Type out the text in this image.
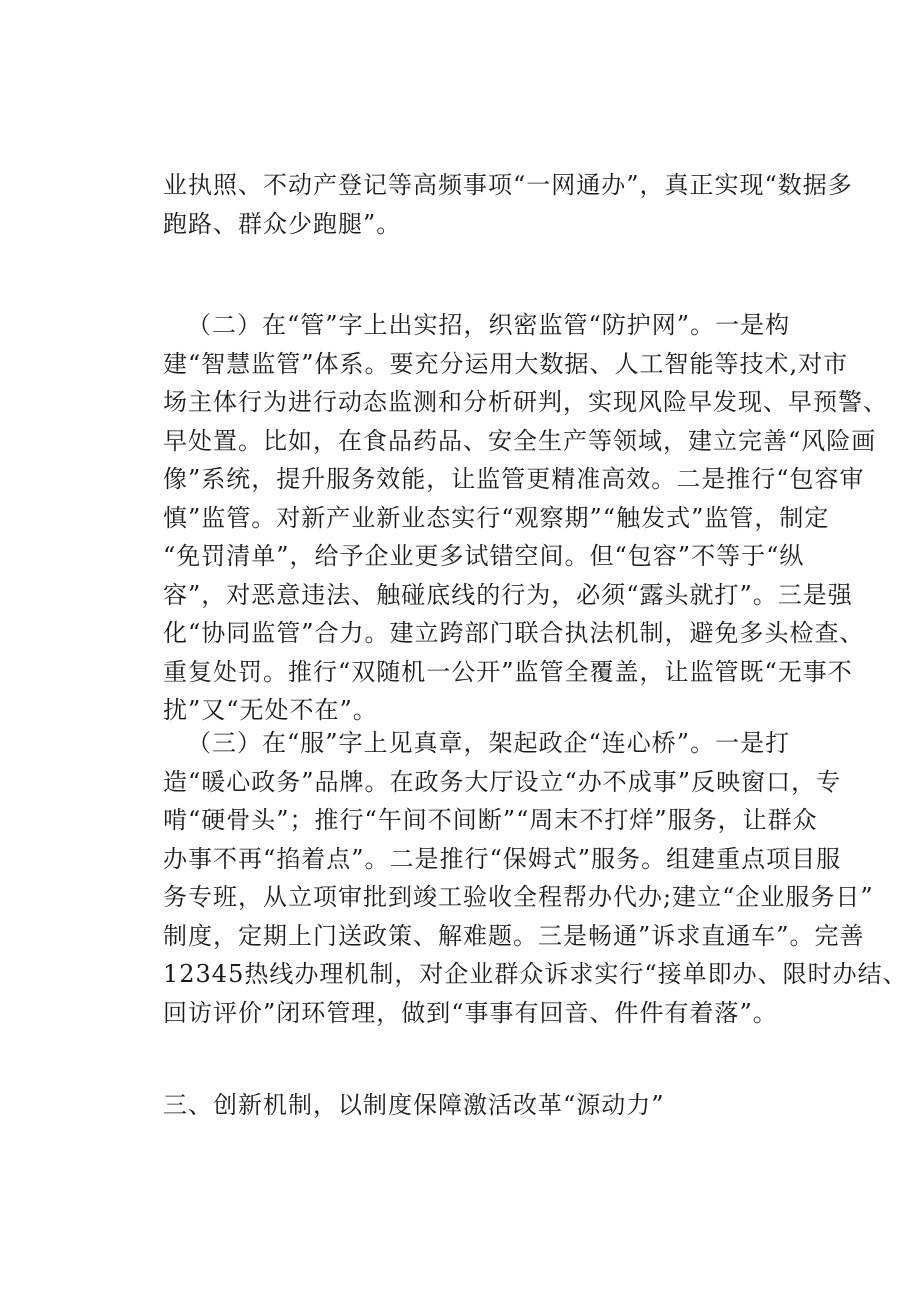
业执照、不动产登记等高频事项“一网通办”，真正实现“数据多
跑路、群众少跑腿”。
（二）在“管”字上出实招，织密监管“防护网”。一是构
建“智慧监管”体系。要充分运用大数据、人工智能等技术,对市
场主体行为进行动态监测和分析研判，实现风险早发现、早预警、
早处置。比如，在食品药品、安全生产等领域，建立完善“风险画
像”系统，提升服务效能，让监管更精准高效。二是推行“包容审
慎”监管。对新产业新业态实行“观察期”“触发式”监管，制定
“免罚清单”，给予企业更多试错空间。但“包容”不等于“纵
容”，对恶意违法、触碰底线的行为，必须“露头就打”。三是强
化“协同监管”合力。建立跨部门联合执法机制，避免多头检查、
重复处罚。推行“双随机一公开”监管全覆盖，让监管既“无事不
扰”又“无处不在”。
（三）在“服”字上见真章，架起政企“连心桥”。一是打
造“暖心政务”品牌。在政务大厅设立“办不成事”反映窗口，专
啃“硬骨头”；推行“午间不间断”“周末不打烊”服务，让群众
办事不再“掐着点”。二是推行“保姆式”服务。组建重点项目服
务专班，从立项审批到竣工验收全程帮办代办;建立“企业服务日”
制度，定期上门送政策、解难题。三是畅通”诉求直通车”。完善
12345热线办理机制，对企业群众诉求实行“接单即办、限时办结、
回访评价”闭环管理，做到“事事有回音、件件有着落”。
三、创新机制，以制度保障激活改革“源动力”
